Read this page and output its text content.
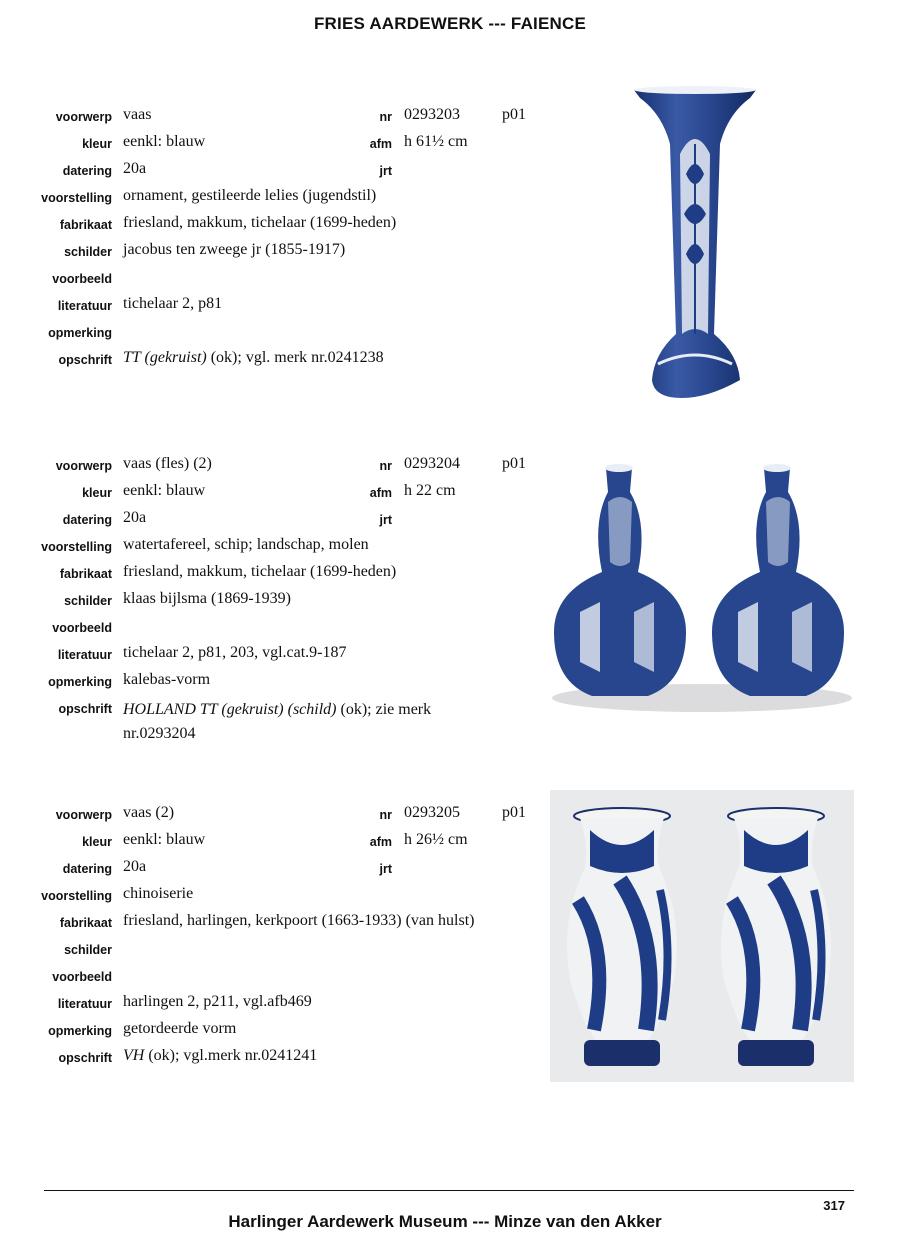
FRIES AARDEWERK --- FAIENCE
voorwerp vaas	nr 0293203	p01
kleur eenkl: blauw	afm h 61½ cm
datering 20a	jrt
voorstelling ornament, gestileerde lelies (jugendstil)
fabrikaat friesland, makkum, tichelaar (1699-heden)
schilder jacobus ten zweege jr (1855-1917)
voorbeeld
literatuur tichelaar 2, p81
opmerking
opschrift TT (gekruist) (ok); vgl. merk nr.0241238
voorwerp vaas (fles) (2)	nr 0293204	p01
kleur eenkl: blauw	afm h 22 cm
datering 20a	jrt
voorstelling watertafereel, schip; landschap, molen
fabrikaat friesland, makkum, tichelaar (1699-heden)
schilder klaas bijlsma (1869-1939)
voorbeeld
literatuur tichelaar 2, p81, 203, vgl.cat.9-187
opmerking kalebas-vorm
opschrift HOLLAND TT (gekruist) (schild) (ok); zie merk nr.0293204
voorwerp vaas (2)	nr 0293205	p01
kleur eenkl: blauw	afm h 26½ cm
datering 20a	jrt
voorstelling chinoiserie
fabrikaat friesland, harlingen, kerkpoort (1663-1933) (van hulst)
schilder
voorbeeld
literatuur harlingen 2, p211, vgl.afb469
opmerking getordeerde vorm
opschrift VH (ok); vgl.merk nr.0241241
317
Harlinger Aardewerk Museum --- Minze van den Akker
